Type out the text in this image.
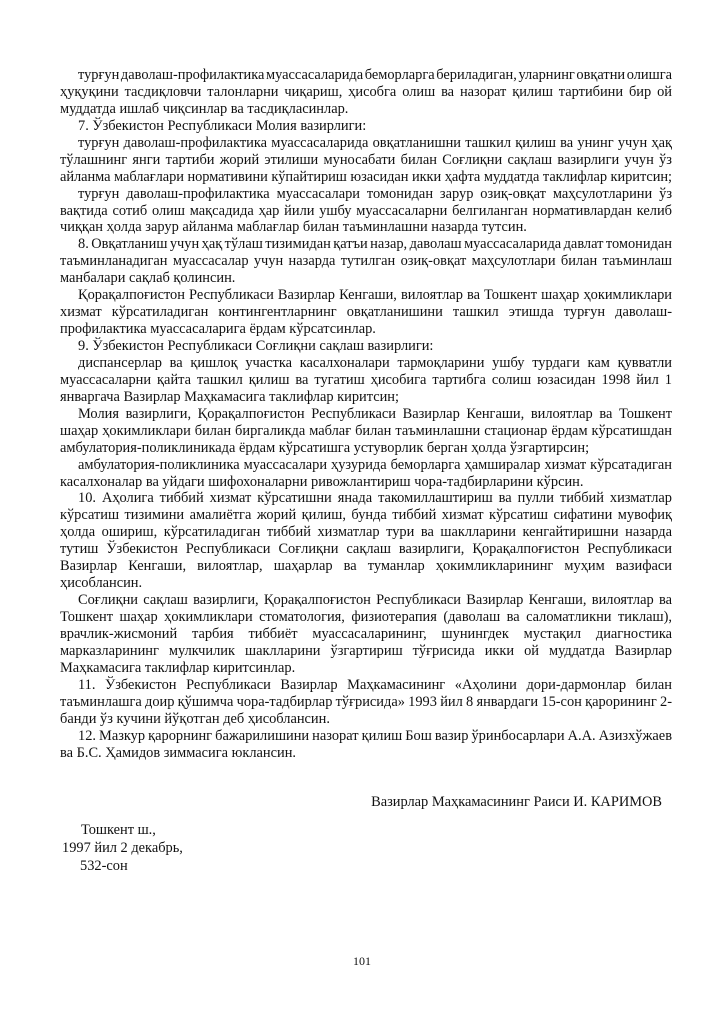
турғун даволаш-профилактика муассасаларида беморларга бериладиган, уларнинг овқатни олишга
ҳуқуқини тасдиқловчи талонларни чиқариш, ҳисобга олиш ва назорат қилиш тартибини бир ой
муддатда ишлаб чиқсинлар ва тасдиқласинлар.
7. Ўзбекистон Республикаси Молия вазирлиги:
турғун даволаш-профилактика муассасаларида овқатланишни ташкил қилиш ва унинг учун ҳақ
тўлашнинг янги тартиби жорий этилиши муносабати билан Соғлиқни сақлаш вазирлиги учун ўз
айланма маблағлари нормативини кўпайтириш юзасидан икки ҳафта муддатда таклифлар киритсин;
турғун даволаш-профилактика муассасалари томонидан зарур озиқ-овқат маҳсулотларини ўз
вақтида сотиб олиш мақсадида ҳар йили ушбу муассасаларни белгиланган нормативлардан келиб
чиққан ҳолда зарур айланма маблағлар билан таъминлашни назарда тутсин.
8. Овқатланиш учун ҳақ тўлаш тизимидан қатъи назар, даволаш муассасаларида давлат томонидан
таъминланадиган муассасалар учун назарда тутилган озиқ-овқат маҳсулотлари билан таъминлаш
манбалари сақлаб қолинсин.
Қорақалпоғистон Республикаси Вазирлар Кенгаши, вилоятлар ва Тошкент шаҳар ҳокимликлари
хизмат кўрсатиладиган контингентларнинг овқатланишини ташкил этишда турғун даволаш-
профилактика муассасаларига ёрдам кўрсатсинлар.
9. Ўзбекистон Республикаси Соғлиқни сақлаш вазирлиги:
диспансерлар ва қишлоқ участка касалхоналари тармоқларини ушбу турдаги кам қувватли
муассасаларни қайта ташкил қилиш ва тугатиш ҳисобига тартибга солиш юзасидан 1998 йил 1
январгача Вазирлар Маҳкамасига таклифлар киритсин;
Молия вазирлиги, Қорақалпоғистон Республикаси Вазирлар Кенгаши, вилоятлар ва Тошкент
шаҳар ҳокимликлари билан биргаликда маблағ билан таъминлашни стационар ёрдам кўрсатишдан
амбулатория-поликлиникада ёрдам кўрсатишга устуворлик берган ҳолда ўзгартирсин;
амбулатория-поликлиника муассасалари ҳузурида беморларга ҳамширалар хизмат кўрсатадиган
касалхоналар ва уйдаги шифохоналарни ривожлантириш чора-тадбирларини кўрсин.
10. Аҳолига тиббий хизмат кўрсатишни янада такомиллаштириш ва пулли тиббий хизматлар
кўрсатиш тизимини амалиётга жорий қилиш, бунда тиббий хизмат кўрсатиш сифатини мувофиқ
ҳолда ошириш, кўрсатиладиган тиббий хизматлар тури ва шаклларини кенгайтиришни назарда
тутиш Ўзбекистон Республикаси Соғлиқни сақлаш вазирлиги, Қорақалпоғистон Республикаси
Вазирлар Кенгаши, вилоятлар, шаҳарлар ва туманлар ҳокимликларининг муҳим вазифаси
ҳисоблансин.
Соғлиқни сақлаш вазирлиги, Қорақалпоғистон Республикаси Вазирлар Кенгаши, вилоятлар ва
Тошкент шаҳар ҳокимликлари стоматология, физиотерапия (даволаш ва саломатликни тиклаш),
врачлик-жисмоний тарбия тиббиёт муассасаларининг, шунингдек мустақил диагностика
марказларининг мулкчилик шаклларини ўзгартириш тўғрисида икки ой муддатда Вазирлар
Маҳкамасига таклифлар киритсинлар.
11. Ўзбекистон Республикаси Вазирлар Маҳкамасининг «Аҳолини дори-дармонлар билан
таъминлашга доир қўшимча чора-тадбирлар тўғрисида» 1993 йил 8 январдаги 15-сон қарорининг 2-
банди ўз кучини йўқотган деб ҳисоблансин.
12. Мазкур қарорнинг бажарилишини назорат қилиш Бош вазир ўринбосарлари А.А. Азизхўжаев
ва Б.С. Ҳамидов зиммасига юклансин.
Вазирлар Маҳкамасининг Раиси И. КАРИМОВ
Тошкент ш.,
1997 йил 2 декабрь,
532-сон
101
